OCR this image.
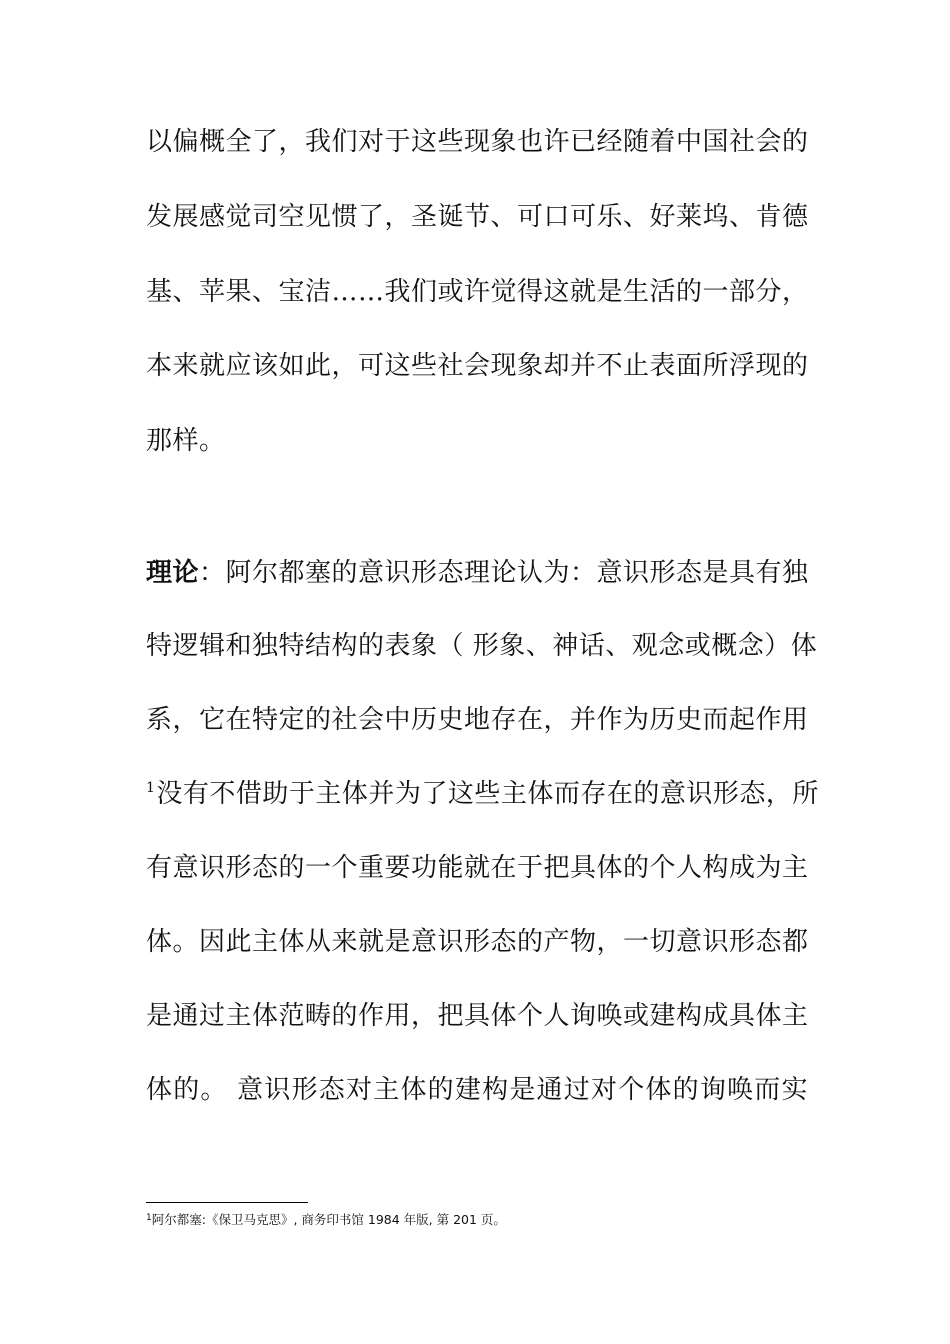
以偏概全了，我们对于这些现象也许已经随着中国社会的
发展感觉司空见惯了，圣诞节、可口可乐、好莱坞、肯德
基、苹果、宝洁……我们或许觉得这就是生活的一部分，
本来就应该如此，可这些社会现象却并不止表面所浮现的
那样。
理论：阿尔都塞的意识形态理论认为：意识形态是具有独
特逻辑和独特结构的表象（ 形象、神话、观念或概念）体
系，它在特定的社会中历史地存在，并作为历史而起作用
$^1$没有不借助于主体并为了这些主体而存在的意识形态，所
有意识形态的一个重要功能就在于把具体的个人构成为主
体。因此主体从来就是意识形态的产物，一切意识形态都
是通过主体范畴的作用，把具体个人询唤或建构成具体主
体的。 意识形态对主体的建构是通过对个体的询唤而实
$^1$阿尔都塞:《保卫马克思》, 商务印书馆 1984 年版, 第 201 页。
